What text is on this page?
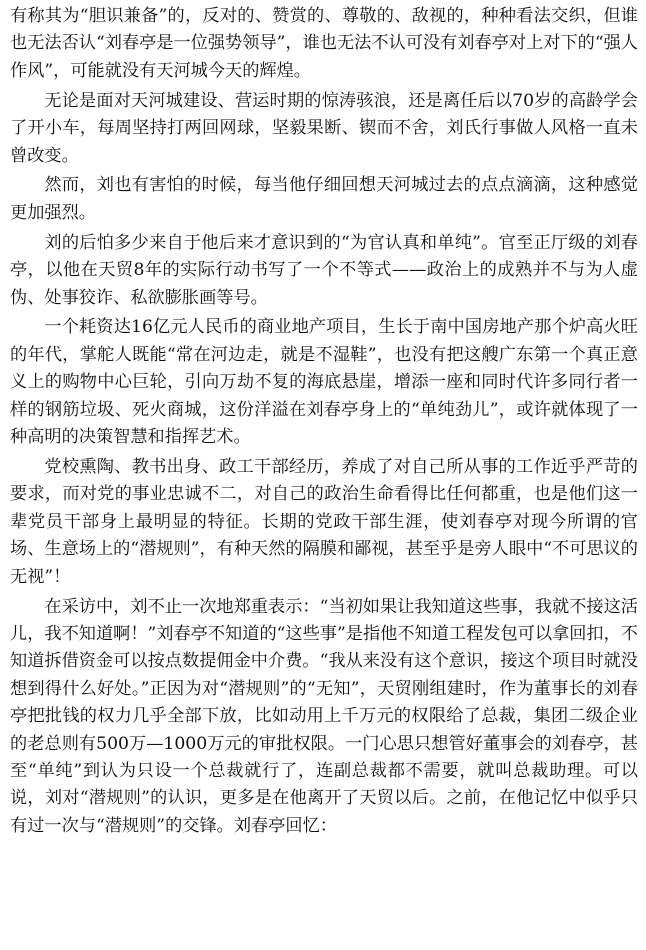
有称其为“胆识兼备”的，反对的、赞赏的、尊敬的、敌视的，种种看法交织，但谁也无法否认“刘春亭是一位强势领导”，谁也无法不认可没有刘春亭对上对下的“强人作风”，可能就没有天河城今天的辉煌。

无论是面对天河城建设、营运时期的惊涛骇浪，还是离任后以70岁的高龄学会了开小车，每周坚持打两回网球，坚毅果断、锲而不舍，刘氏行事做人风格一直未曾改变。

然而，刘也有害怕的时候，每当他仔细回想天河城过去的点点滴滴，这种感觉更加强烈。

刘的后怕多少来自于他后来才意识到的“为官认真和单纯”。官至正厅级的刘春亭，以他在天贸8年的实际行动书写了一个不等式——政治上的成熟并不与为人虚伪、处事狡诈、私欲膨胀画等号。

一个耗资达16亿元人民币的商业地产项目，生长于南中国房地产那个炉高火旺的年代，掌舵人既能“常在河边走，就是不湿鞋”，也没有把这艘广东第一个真正意义上的购物中心巨轮，引向万劫不复的海底悬崖，增添一座和同时代许多同行者一样的钢筋垃圾、死火商城，这份洋溢在刘春亭身上的“单纯劲儿”，或许就体现了一种高明的决策智慧和指挥艺术。

党校熏陶、教书出身、政工干部经历，养成了对自己所从事的工作近乎严苛的要求，而对党的事业忠诚不二，对自己的政治生命看得比任何都重，也是他们这一辈党员干部身上最明显的特征。长期的党政干部生涯，使刘春亭对现今所谓的官场、生意场上的“潜规则”，有种天然的隔膜和鄙视，甚至乎是旁人眼中“不可思议的无视”！

在采访中，刘不止一次地郑重表示：“当初如果让我知道这些事，我就不接这活儿，我不知道啊！”刘春亭不知道的“这些事”是指他不知道工程发包可以拿回扣，不知道拆借资金可以按点数提佣金中介费。“我从来没有这个意识，接这个项目时就没想到得什么好处。”正因为对“潜规则”的“无知”，天贸刚组建时，作为董事长的刘春亭把批钱的权力几乎全部下放，比如动用上千万元的权限给了总裁，集团二级企业的老总则有500万—1000万元的审批权限。一门心思只想管好董事会的刘春亭，甚至“单纯”到认为只设一个总裁就行了，连副总裁都不需要，就叫总裁助理。可以说，刘对“潜规则”的认识，更多是在他离开了天贸以后。之前，在他记忆中似乎只有过一次与“潜规则”的交锋。刘春亭回忆：
